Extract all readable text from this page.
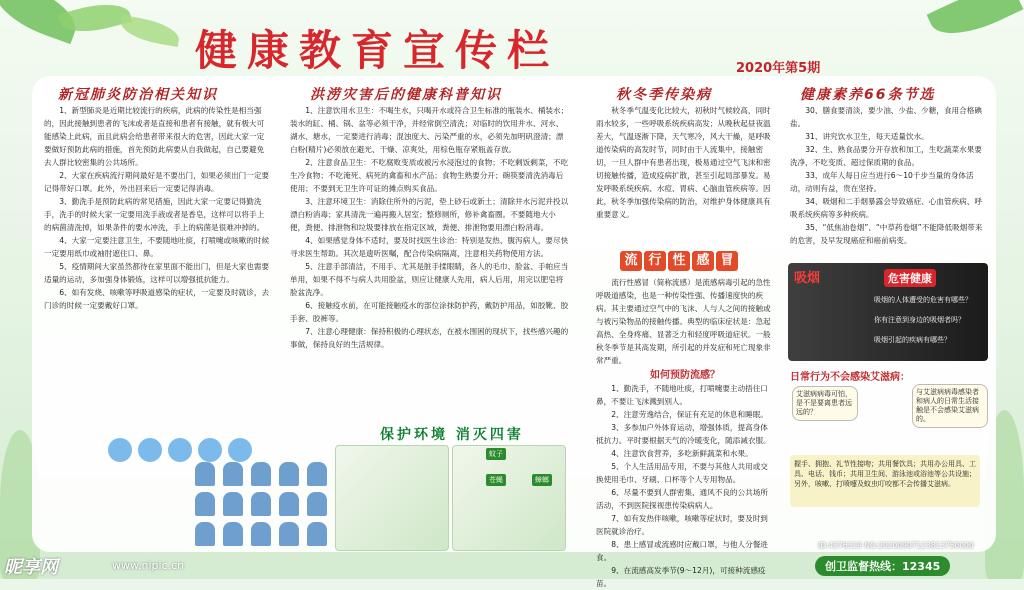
健康教育宣传栏	2020年第5期
新冠肺炎防治相关知识

1、新型肺炎是近期比较流行的疾病，此病的传染性是相当强的，因此接触到患者的飞沫或者是直接和患者有接触，就有极大可能感染上此病，而且此病会给患者带来很大的危害，因此大家一定要做好预防此病的措施，首先预防此病要从自我做起，自己要避免去人群比较密集的公共场所。

2、大家在疾病流行期间最好是不要出门，如果必须出门一定要记得带好口罩。此外，外出回来后一定要记得消毒。

3、勤洗手是预防此病的常见措施，因此大家一定要记得勤洗手，洗手的时候大家一定要用洗手液或者是香皂，这样可以将手上的病菌清洗掉，如果条件的要水冲洗，手上的病菌是很难冲掉的。

4、大家一定要注意卫生，不要随地吐痰，打喷嚏或咳嗽的时候一定要用纸巾或袖肘遮住口、鼻。

5、疫情期间大家虽然都待在家里面不能出门，但是大家也需要适量的运动，多加强身体锻炼，这样可以增强抵抗能力。

6、如有发烧、咳嗽等呼吸道感染的症状，一定要及时就诊，去门诊的时候一定要戴好口罩。

洪涝灾害后的健康科普知识

1、注意饮用水卫生：不喝生水，只喝开水或符合卫生标准的瓶装水、桶装水；装水的缸、桶、锅、盆等必须干净，并经常倒空清洗；对临时的饮用井水、河水、湖水、塘水，一定要进行消毒；混浊度大、污染严重的水，必须先加明矾澄清；漂白粉(精片)必须放在避光、干燥、凉爽处，用棕色瓶存紧瓶盖存放。

2、注意食品卫生：不吃腐败变质或被污水浸泡过的食物；不吃剩饭剩菜，不吃生冷食物；不吃淹死、病死的禽畜和水产品；食物生熟要分开；碗筷要清洗消毒后使用；不要到无卫生许可证的摊点购买食品。

3、注意环境卫生：消除住所外的污泥，垫上砂石或新土；清除井水污泥并投以漂白粉消毒；家具清洗一遍再搬入居室；整修厕所，修补禽畜圈。不要随地大小便，粪便、排泄物和垃圾要排放在指定区域，粪便、排泄物要用漂白粉消毒。

4、如果感觉身体不适时，要及时找医生诊治：特别是发热、腹泻病人，要尽快寻求医生帮助。其次是遗听医嘱，配合传染病隔离，注意相关药物使用方法。

5、注意手部清洁，不用手、尤其是脏手揉眼睛，各人的毛巾、脸盆、手帕应当单用，如果不得不与病人共用脸盆，则应让健康人先用，病人后用，用完以肥皂将脸盆洗净。

6、接触疫水前，在可能接触疫水的部位涂抹防护药，戴防护用品，如胶靴、胶手套、胶裤等。

7、注意心理健康：保持积极的心理状态，在被水围困的现状下，找些感兴趣的事做，保持良好的生活规律。

保护环境 消灭四害
蚊子
苍蝇	蟑螂
秋冬季传染病

秋冬季气温变化比较大，初秋时气候较高，同时雨水较多，一些呼吸系统疾病高发；从晚秋起昼夜温差大，气温逐渐下降，天气寒冷，风大干燥，是呼吸道传染病的高发时节，同时由于人流集中，接触密切，一旦人群中有患者出现，极易通过空气飞沫和密切接触传播，造成疫病扩散，甚至引起局部暴发。易发呼吸系统疾病、水痘、胃病、心脑血管疾病等。因此，秋冬季加强传染病的防治，对维护身体健康具有重要意义。

流 行 性 感 冒

流行性感冒（简称流感）是流感病毒引起的急性呼吸道感染，也是一种传染性强、传播速度快的疾病。其主要通过空气中的飞沫、人与人之间的接触或与被污染物品的接触传播。典型的临床症状是：急起高热、全身疼痛、显著乏力和轻度呼吸道症状。一般秋冬季节是其高发期，所引起的并发症和死亡现象非常严重。

如何预防流感？

1、勤洗手，不随地吐痰，打喷嚏要主动捂住口鼻，不要让飞沫溅到别人。

2、注意劳逸结合，保证有充足的休息和睡眠。

3、多参加户外体育运动，增强体质，提高身体抵抗力。平时要根据天气的冷暖变化，随添减衣服。

4、注意饮食营养，多吃新鲜蔬菜和水果。

5、个人生活用品专用，不要与其他人共用或交换使用毛巾、牙刷、口杯等个人专用物品。

6、尽量不要到人群密集、通风不良的公共场所活动，不到医院探视患传染病病人。

7、如有发热伴咳嗽，咳嗽等症状时，要及时到医院就诊治疗。

8、患上感冒或流感时应戴口罩，与他人分餐进食。

9、在流感高发季节(9～12月)，可接种流感疫苗。

健康素养66条节选

30、膳食要清淡，要少油、少盐、少糖，食用合格碘盐。

31、讲究饮水卫生，每天适量饮水。

32、生、熟食品要分开存放和加工，生吃蔬菜水果要洗净，不吃变质、超过保质期的食品。

33、成年人每日应当进行6～10千步当量的身体活动，动则有益，贵在坚持。

34、吸烟和二手烟暴露会导致癌症、心血管疾病、呼吸系统疾病等多种疾病。

35、“低焦油卷烟”、“中草药卷烟”不能降低吸烟带来的危害，及早发现癌症和癌前病变。

吸烟	危害健康
吸烟的人体遭受的危害有哪些？
你有注意到身边的吸烟者吗？
吸烟引起的疾病有哪些？
日常行为不会感染艾滋病：
艾滋病病毒可怕，是不是要离患者远远的？
与艾滋病病毒感染者和病人的日常生活接触是不会感染艾滋病的。
握手、拥抱、礼节性接吻；共用餐饮具；共用办公用具、工具、电话、钱币；共用卫生间、游泳池或浴池等公共设施；另外，咳嗽、打喷嚏及蚊虫叮咬都不会传播艾滋病。
ID:4376319 NO:20200907123813750000
创卫监督热线：12345
昵享网	www.nipic.cn
